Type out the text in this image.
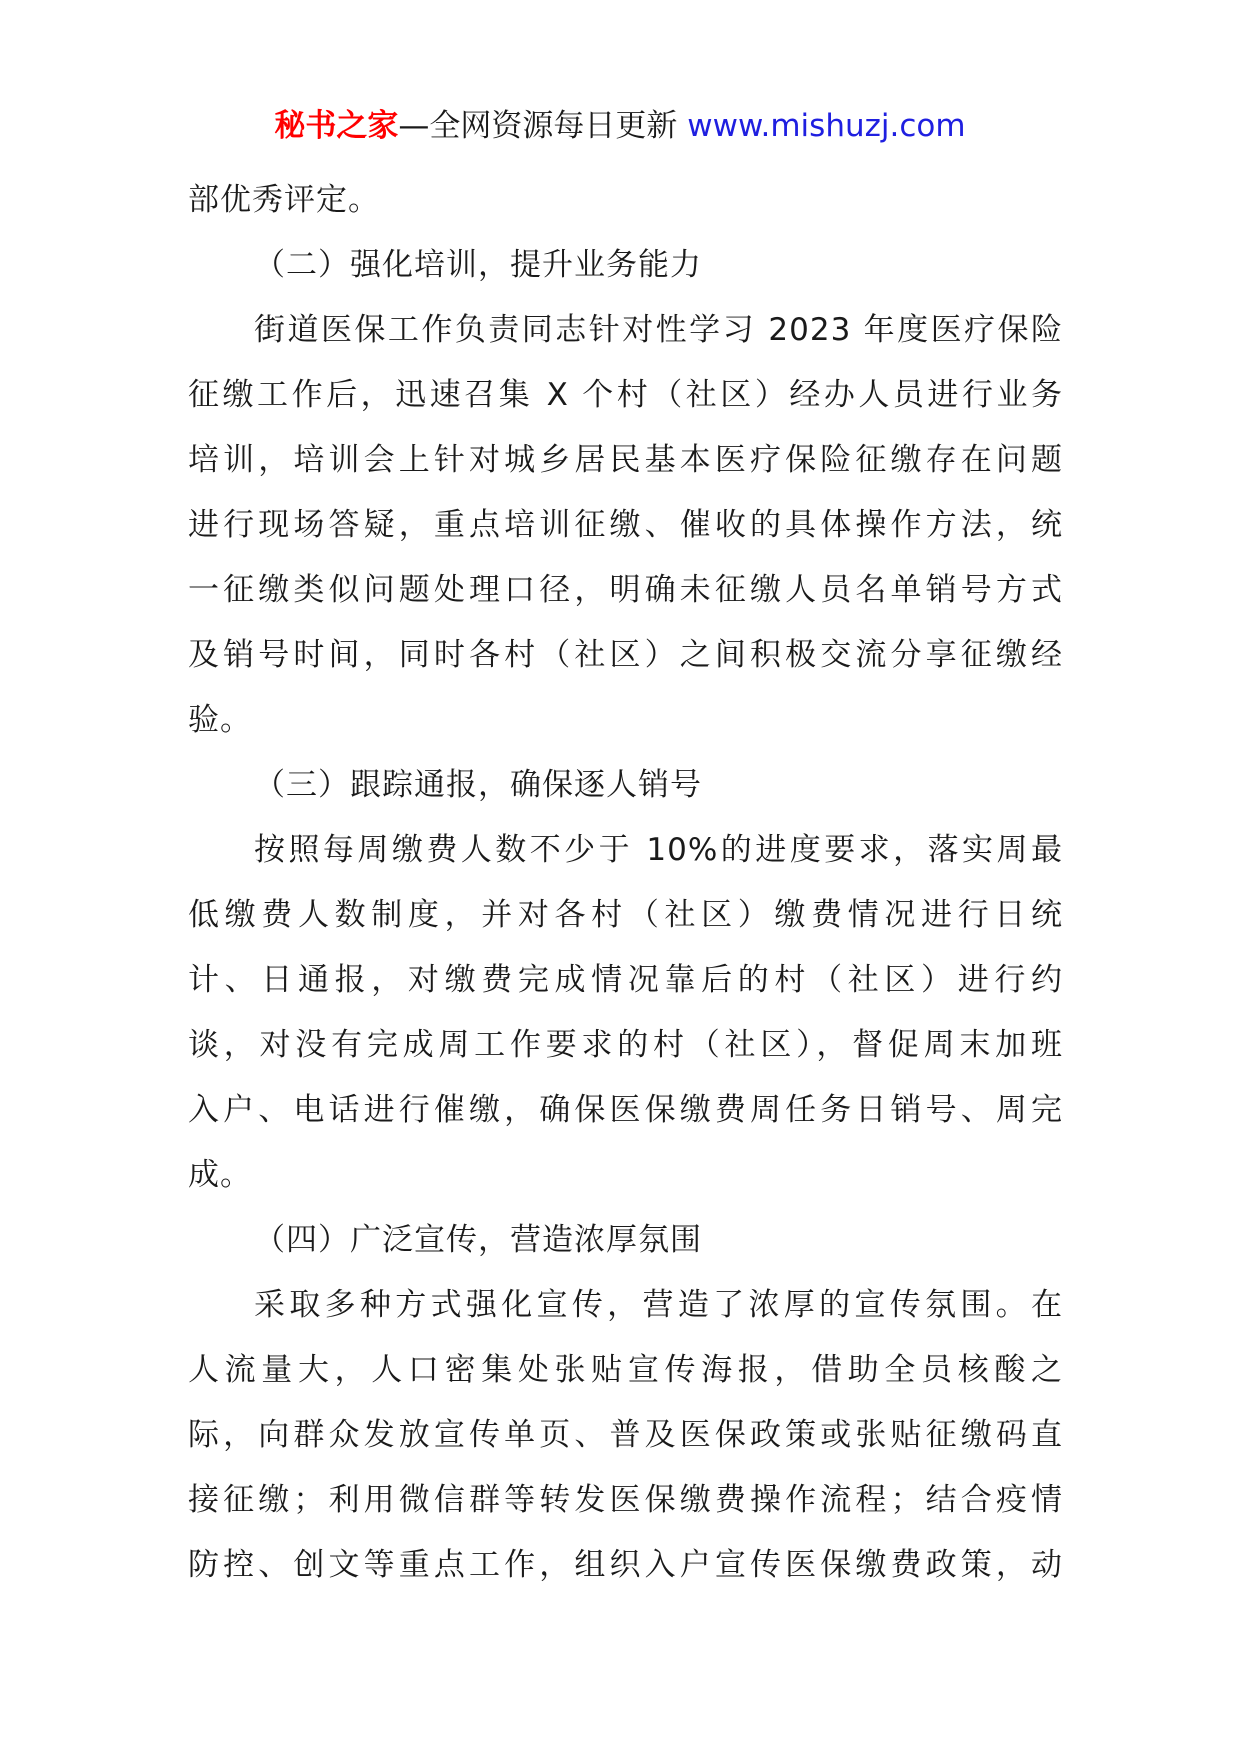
秘书之家—全网资源每日更新 www.mishuzj.com
部优秀评定。
（二）强化培训，提升业务能力
街道医保工作负责同志针对性学习 2023 年度医疗保险
征缴工作后，迅速召集 X 个村（社区）经办人员进行业务
培训，培训会上针对城乡居民基本医疗保险征缴存在问题
进行现场答疑，重点培训征缴、催收的具体操作方法，统
一征缴类似问题处理口径，明确未征缴人员名单销号方式
及销号时间，同时各村（社区）之间积极交流分享征缴经
验。
（三）跟踪通报，确保逐人销号
按照每周缴费人数不少于 10%的进度要求，落实周最
低缴费人数制度，并对各村（社区）缴费情况进行日统
计、日通报，对缴费完成情况靠后的村（社区）进行约
谈，对没有完成周工作要求的村（社区），督促周末加班
入户、电话进行催缴，确保医保缴费周任务日销号、周完
成。
（四）广泛宣传，营造浓厚氛围
采取多种方式强化宣传，营造了浓厚的宣传氛围。在
人流量大，人口密集处张贴宣传海报，借助全员核酸之
际，向群众发放宣传单页、普及医保政策或张贴征缴码直
接征缴；利用微信群等转发医保缴费操作流程；结合疫情
防控、创文等重点工作，组织入户宣传医保缴费政策，动
